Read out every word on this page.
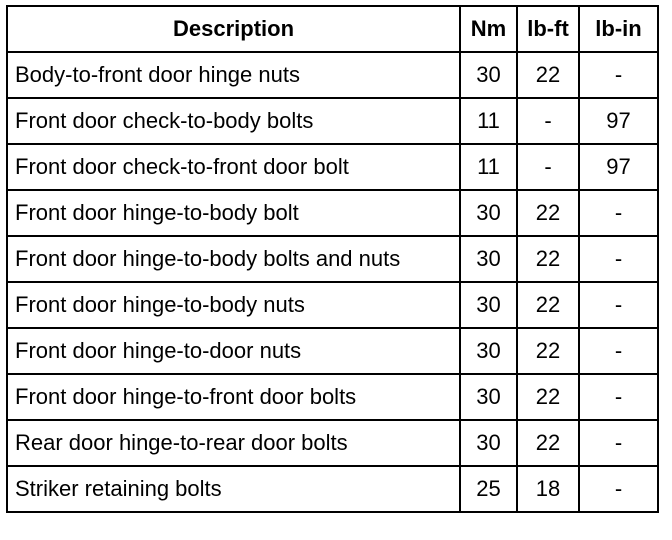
Description	Nm	lb-ft	lb-in
Body-to-front door hinge nuts	30	22	-
Front door check-to-body bolts	11	-	97
Front door check-to-front door bolt	11	-	97
Front door hinge-to-body bolt	30	22	-
Front door hinge-to-body bolts and nuts	30	22	-
Front door hinge-to-body nuts	30	22	-
Front door hinge-to-door nuts	30	22	-
Front door hinge-to-front door bolts	30	22	-
Rear door hinge-to-rear door bolts	30	22	-
Striker retaining bolts	25	18	-
